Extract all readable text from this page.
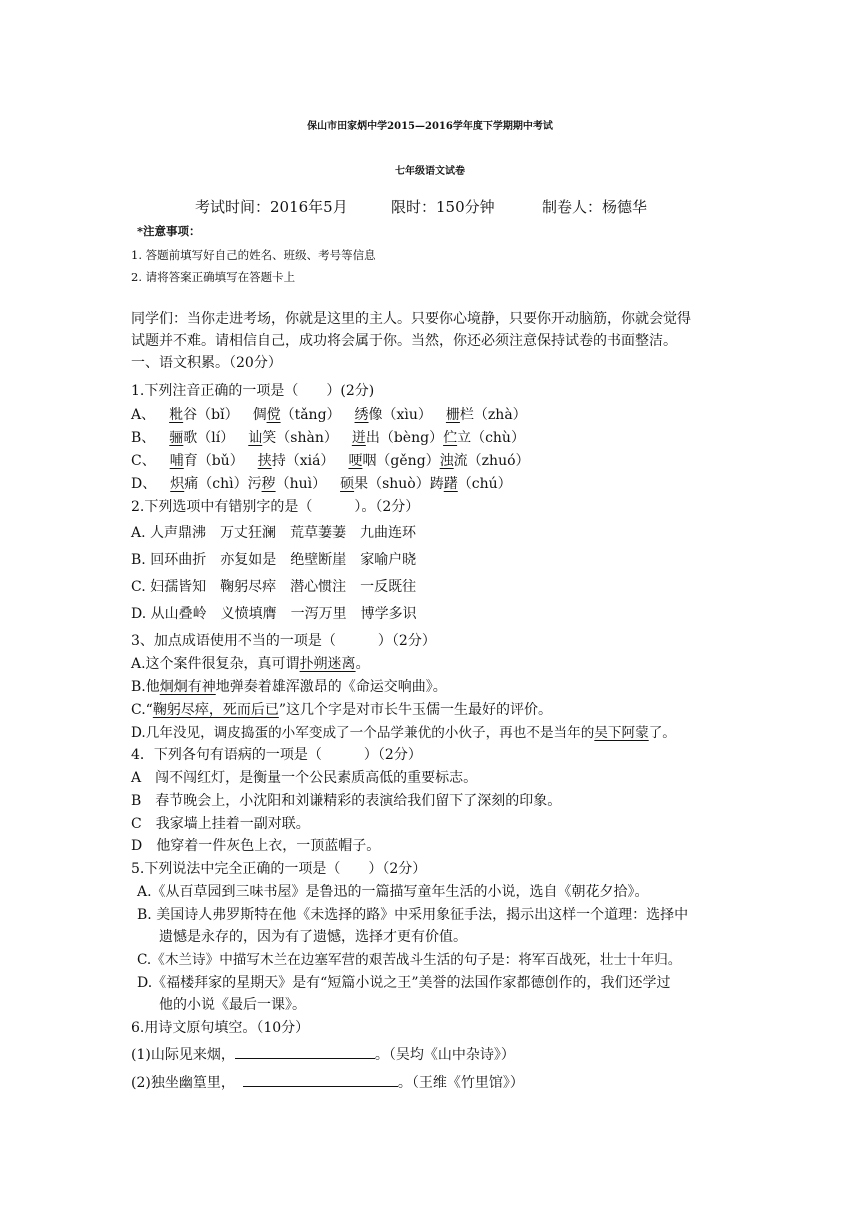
保山市田家炳中学2015—2016学年度下学期期中考试
七年级语文试卷
考试时间：2016年5月	限时：150分钟	制卷人：杨德华
*注意事项：
1. 答题前填写好自己的姓名、班级、考号等信息
2. 请将答案正确填写在答题卡上
同学们：当你走进考场，你就是这里的主人。只要你心境静，只要你开动脑筋，你就会觉得
试题并不难。请相信自己，成功将会属于你。当然，你还必须注意保持试卷的书面整洁。
一、语文积累。（20分）
1.下列注音正确的一项是（　　）(2分)
A、 粃谷（bǐ） 倜傥（tǎng） 绣像（xìu） 栅栏（zhà）
B、 骊歌（lí） 讪笑（shàn） 迸出（bèng）伫立（chù）
C、 哺育（bǔ） 挟持（xiá） 哽咽（gěng）浊流（zhuó）
D、 炽痛（chì）污秽（huì） 硕果（shuò）踌躇（chú）
2.下列选项中有错别字的是（　　　）。（2分）
A. 人声鼎沸　万丈狂澜　荒草萋萋　九曲连环
B. 回环曲折　亦复如是　绝壁断崖　家喻户晓
C. 妇孺皆知　鞠躬尽瘁　潜心惯注　一反既往
D. 从山叠岭　义愤填膺　一泻万里　博学多识
3、加点成语使用不当的一项是（　　　）（2分）
A.这个案件很复杂，真可谓扑朔迷离。
B.他炯炯有神地弹奏着雄浑激昂的《命运交响曲》。
C.“鞠躬尽瘁，死而后已”这几个字是对市长牛玉儒一生最好的评价。
D.几年没见，调皮捣蛋的小军变成了一个品学兼优的小伙子，再也不是当年的吴下阿蒙了。
4．下列各句有语病的一项是（　　　）（2分）
A　闯不闯红灯，是衡量一个公民素质高低的重要标志。
B　春节晚会上，小沈阳和刘谦精彩的表演给我们留下了深刻的印象。
C　我家墙上挂着一副对联。
D　他穿着一件灰色上衣，一顶蓝帽子。
5.下列说法中完全正确的一项是（　　）（2分）
A.《从百草园到三味书屋》是鲁迅的一篇描写童年生活的小说，选自《朝花夕拾》。
B. 美国诗人弗罗斯特在他《未选择的路》中采用象征手法，揭示出这样一个道理：选择中
遗憾是永存的，因为有了遗憾，选择才更有价值。
C.《木兰诗》中描写木兰在边塞军营的艰苦战斗生活的句子是：将军百战死，壮士十年归。
D.《福楼拜家的星期天》是有“短篇小说之王”美誉的法国作家都德创作的，我们还学过
他的小说《最后一课》。
6.用诗文原句填空。（10分）
(1)山际见来烟，	。（吴均《山中杂诗》）
(2)独坐幽篁里，	。（王维《竹里馆》）
